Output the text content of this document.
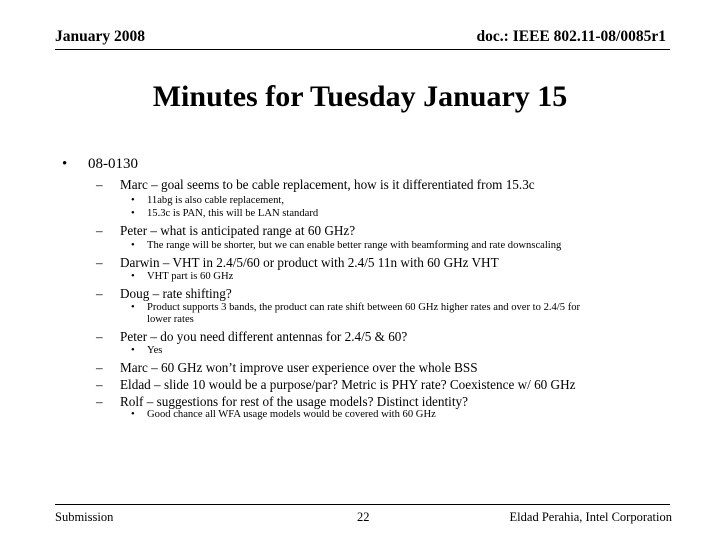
January 2008	doc.: IEEE 802.11-08/0085r1
Minutes for Tuesday January 15
• 08-0130
– Marc – goal seems to be cable replacement, how is it differentiated from 15.3c
• 11abg is also cable replacement,
• 15.3c is PAN, this will be LAN standard
– Peter – what is anticipated range at 60 GHz?
• The range will be shorter, but we can enable better range with beamforming and rate downscaling
– Darwin – VHT in 2.4/5/60 or product with 2.4/5 11n with 60 GHz VHT
• VHT part is 60 GHz
– Doug – rate shifting?
• Product supports 3 bands, the product can rate shift between 60 GHz higher rates and over to 2.4/5 for
lower rates
– Peter – do you need different antennas for 2.4/5 & 60?
• Yes
– Marc – 60 GHz won’t improve user experience over the whole BSS
– Eldad – slide 10 would be a purpose/par? Metric is PHY rate? Coexistence w/ 60 GHz
– Rolf – suggestions for rest of the usage models? Distinct identity?
• Good chance all WFA usage models would be covered with 60 GHz
Submission	22	Eldad Perahia, Intel Corporation
